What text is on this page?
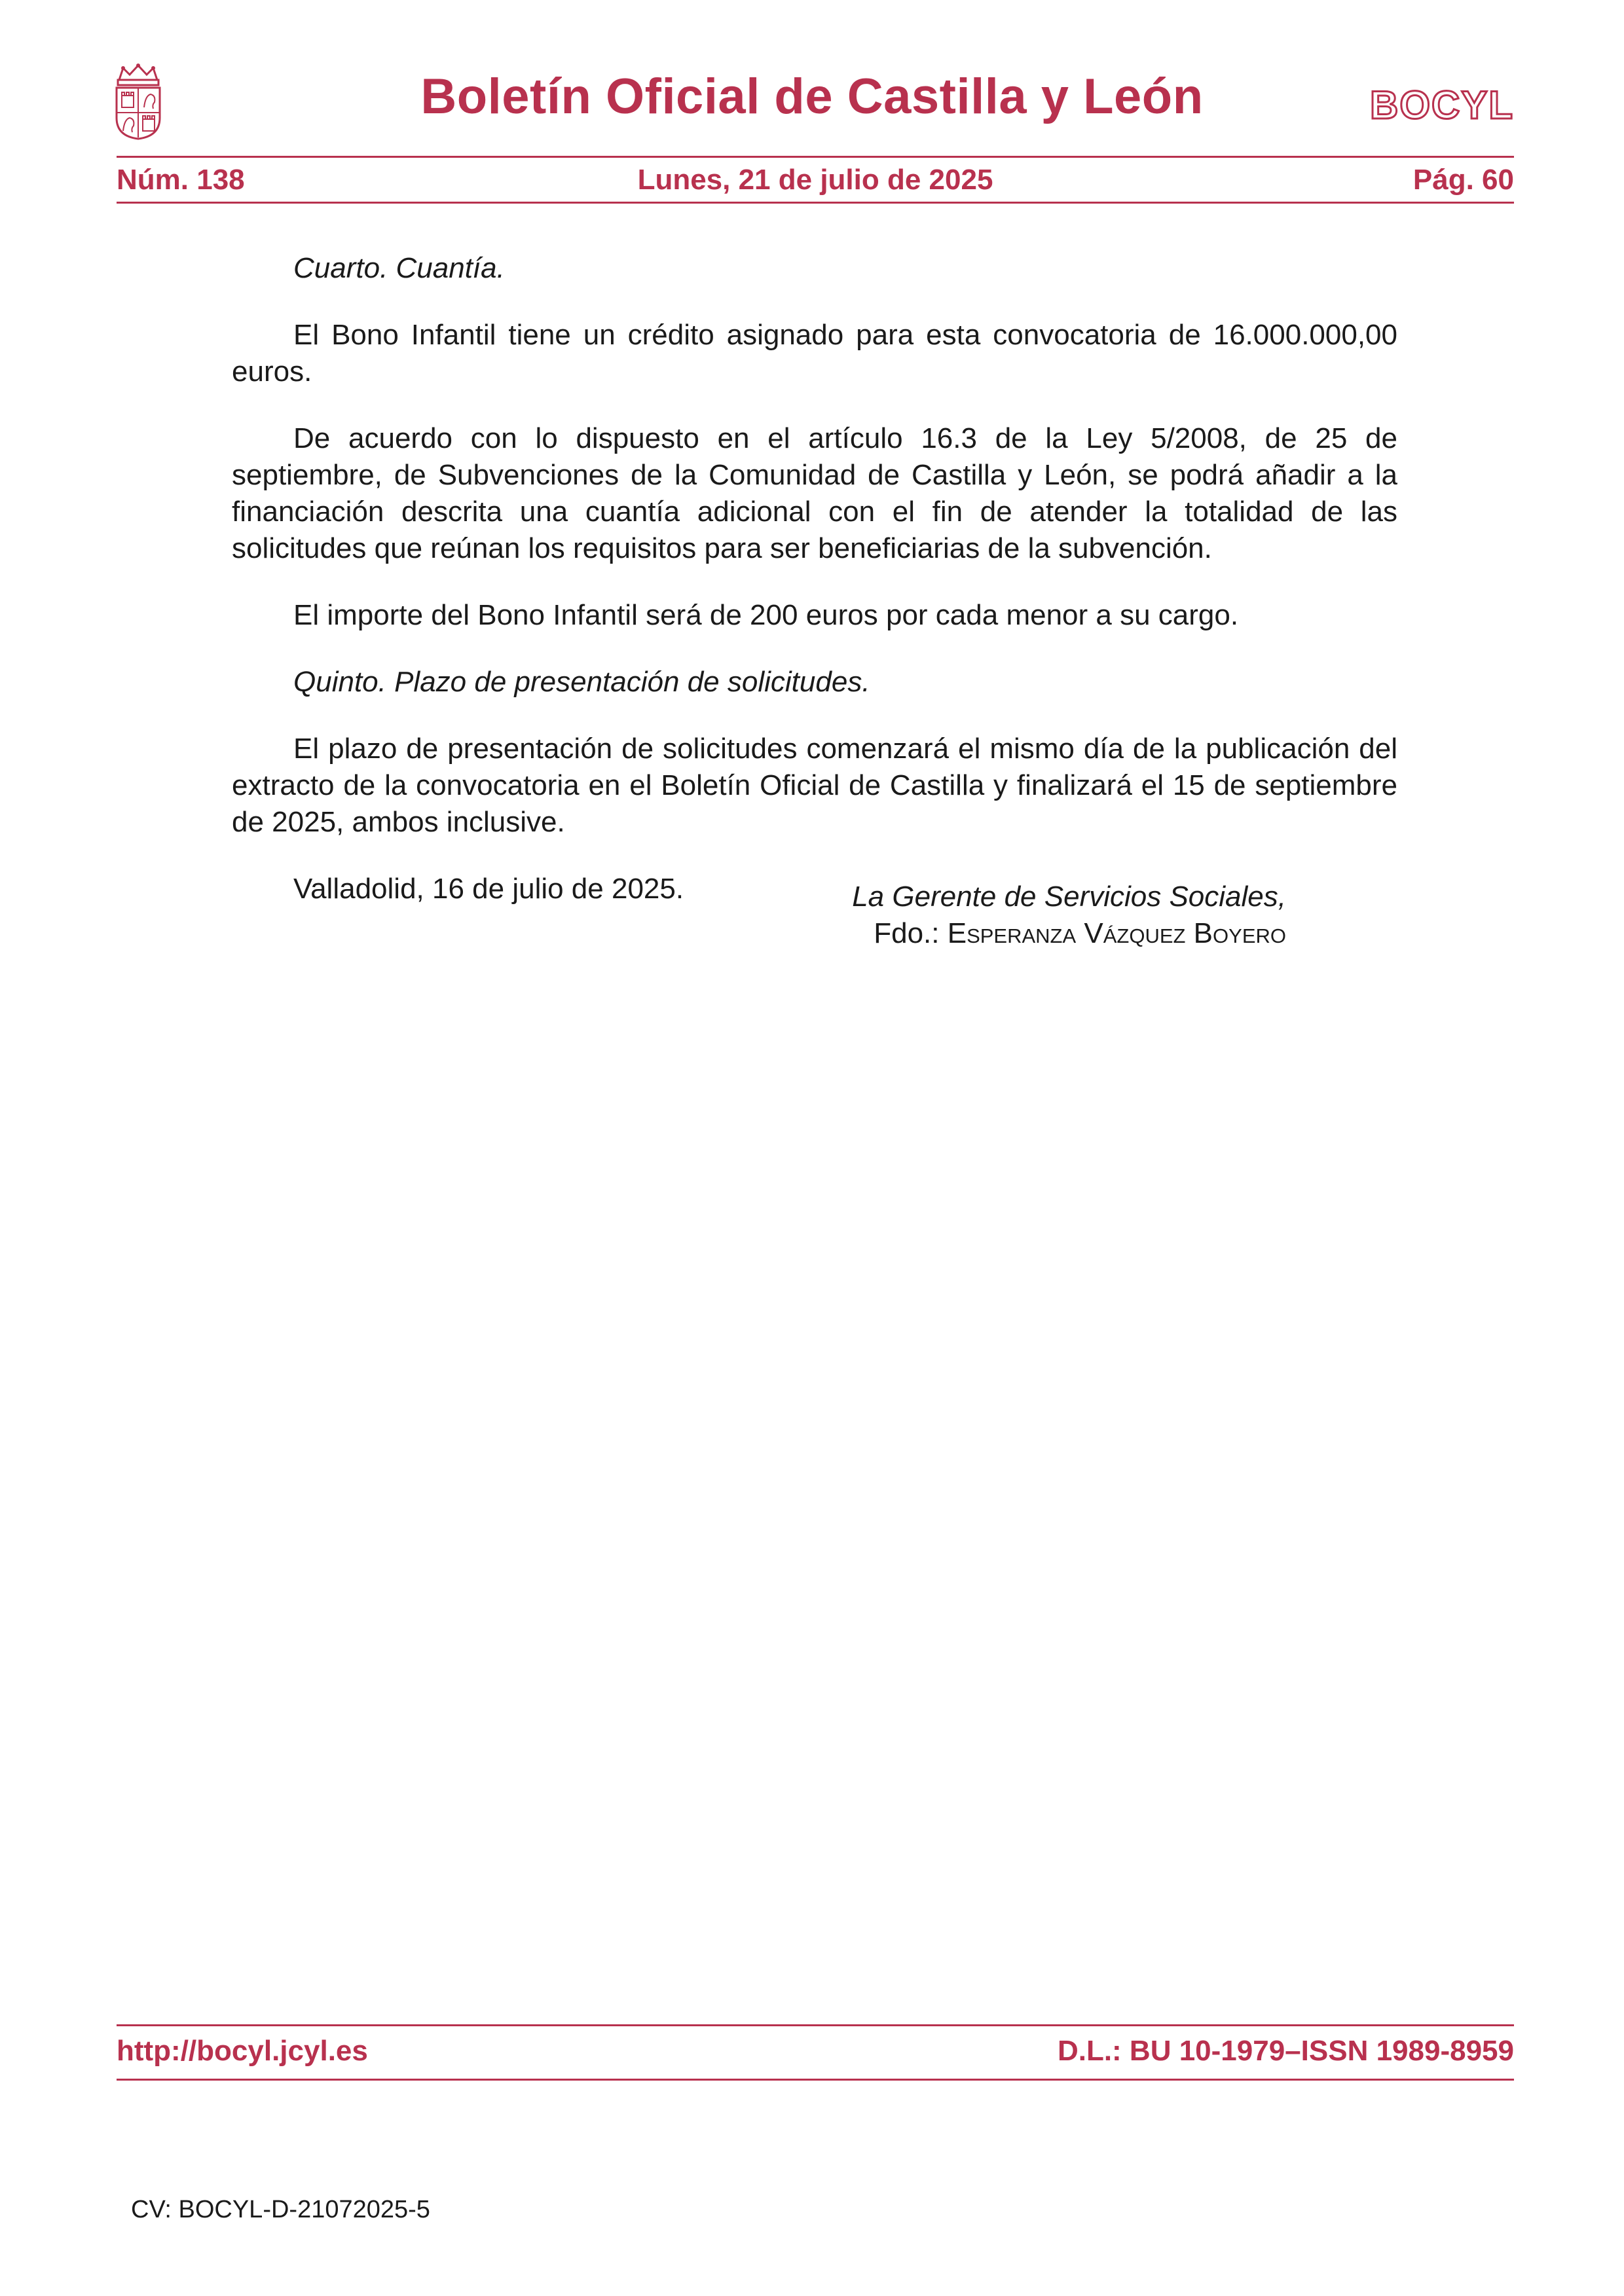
Boletín Oficial de Castilla y León	BOCYL
Núm. 138	Lunes, 21 de julio de 2025	Pág. 60

Cuarto. Cuantía.

El Bono Infantil tiene un crédito asignado para esta convocatoria de 16.000.000,00 euros.

De acuerdo con lo dispuesto en el artículo 16.3 de la Ley 5/2008, de 25 de septiembre, de Subvenciones de la Comunidad de Castilla y León, se podrá añadir a la financiación descrita una cuantía adicional con el fin de atender la totalidad de las solicitudes que reúnan los requisitos para ser beneficiarias de la subvención.

El importe del Bono Infantil será de 200 euros por cada menor a su cargo.

Quinto. Plazo de presentación de solicitudes.

El plazo de presentación de solicitudes comenzará el mismo día de la publicación del extracto de la convocatoria en el Boletín Oficial de Castilla y finalizará el 15 de septiembre de 2025, ambos inclusive.

Valladolid, 16 de julio de 2025.	La Gerente de Servicios Sociales,
Fdo.: Esperanza Vázquez Boyero
http://bocyl.jcyl.es	D.L.: BU 10-1979–ISSN 1989-8959
CV: BOCYL-D-21072025-5
